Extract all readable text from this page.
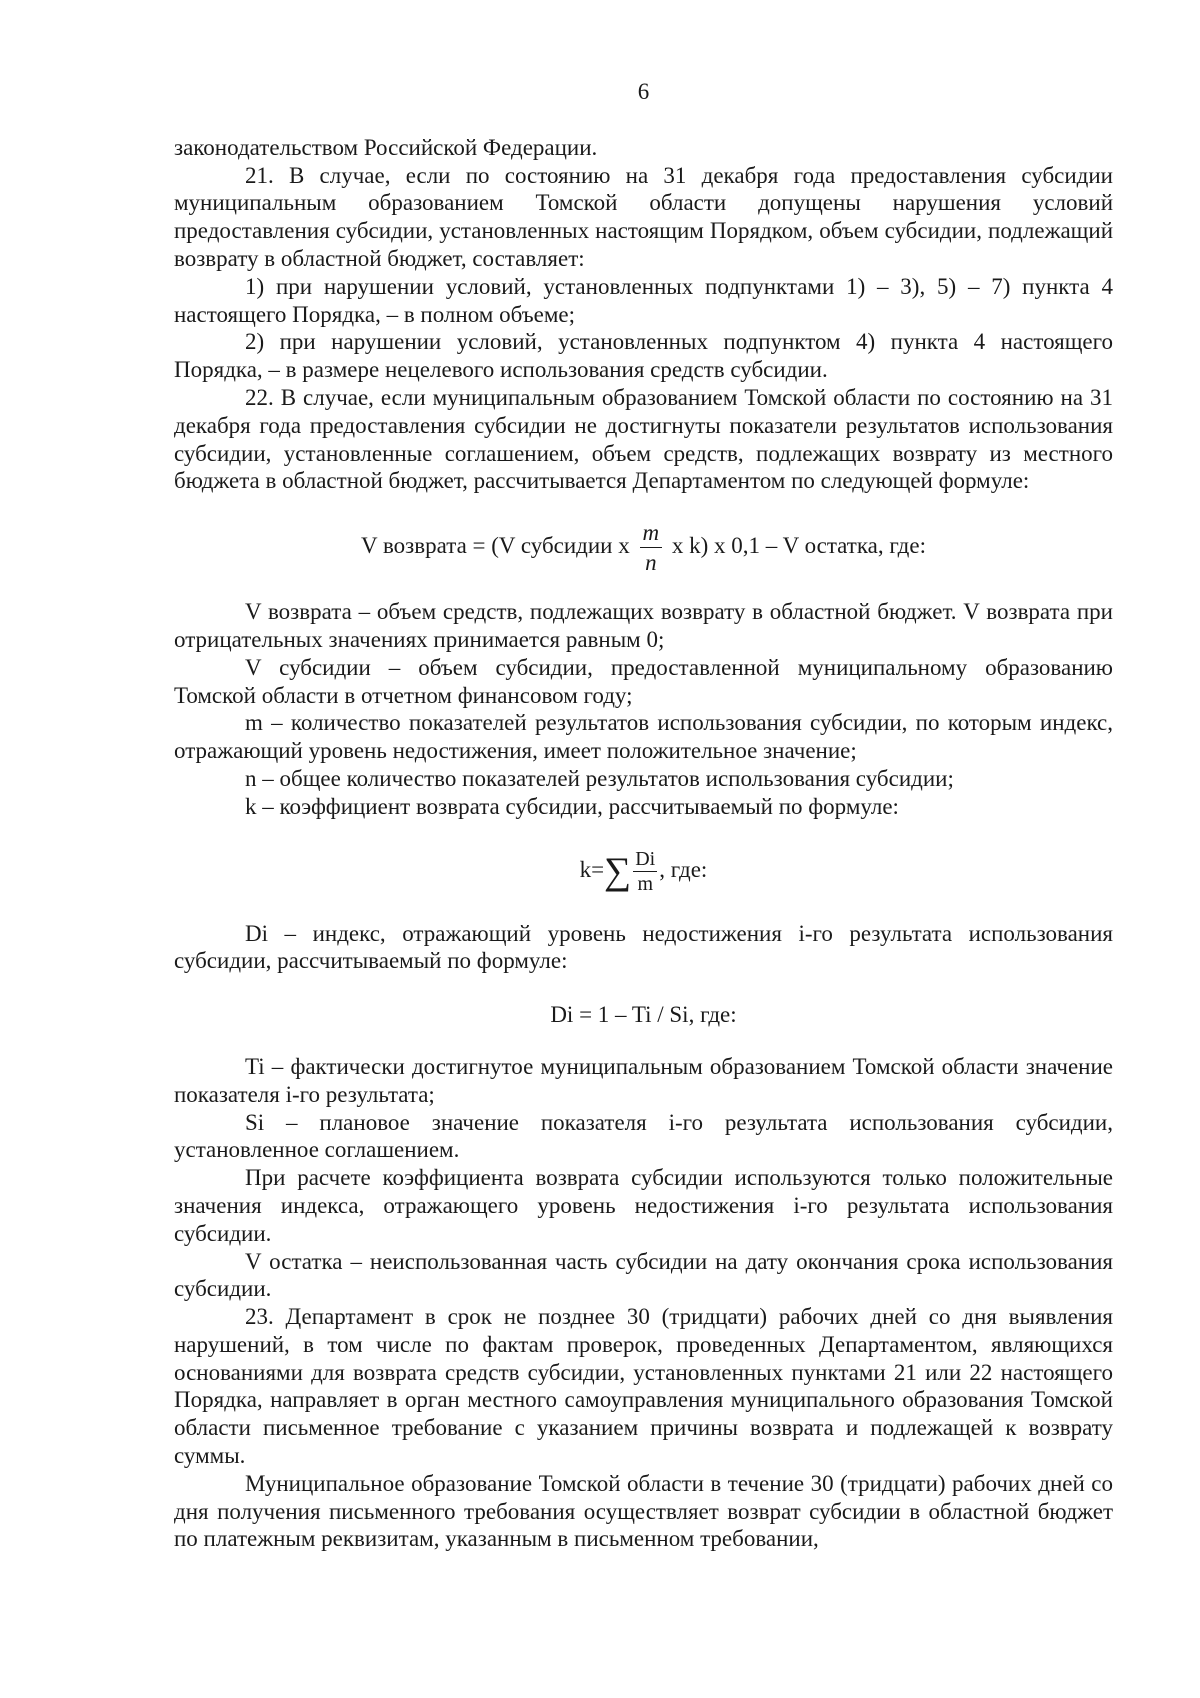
6

законодательством Российской Федерации.

21. В случае, если по состоянию на 31 декабря года предоставления субсидии муниципальным образованием Томской области допущены нарушения условий предоставления субсидии, установленных настоящим Порядком, объем субсидии, подлежащий возврату в областной бюджет, составляет:

1) при нарушении условий, установленных подпунктами 1) – 3), 5) – 7) пункта 4 настоящего Порядка, – в полном объеме;

2) при нарушении условий, установленных подпунктом 4) пункта 4 настоящего Порядка, – в размере нецелевого использования средств субсидии.

22. В случае, если муниципальным образованием Томской области по состоянию на 31 декабря года предоставления субсидии не достигнуты показатели результатов использования субсидии, установленные соглашением, объем средств, подлежащих возврату из местного бюджета в областной бюджет, рассчитывается Департаментом по следующей формуле:

V возврата = (V субсидии x $\frac{m}{n}$ x k) x 0,1 – V остатка, где:

V возврата – объем средств, подлежащих возврату в областной бюджет. V возврата при отрицательных значениях принимается равным 0;

V субсидии – объем субсидии, предоставленной муниципальному образованию Томской области в отчетном финансовом году;

m – количество показателей результатов использования субсидии, по которым индекс, отражающий уровень недостижения, имеет положительное значение;

n – общее количество показателей результатов использования субсидии;

k – коэффициент возврата субсидии, рассчитываемый по формуле:

$k=\sum \frac{Di}{m}$ , где:

Di – индекс, отражающий уровень недостижения i-го результата использования субсидии, рассчитываемый по формуле:

Di = 1 – Ti / Si, где:

Ti – фактически достигнутое муниципальным образованием Томской области значение показателя i-го результата;

Si – плановое значение показателя i-го результата использования субсидии, установленное соглашением.

При расчете коэффициента возврата субсидии используются только положительные значения индекса, отражающего уровень недостижения i-го результата использования субсидии.

V остатка – неиспользованная часть субсидии на дату окончания срока использования субсидии.

23. Департамент в срок не позднее 30 (тридцати) рабочих дней со дня выявления нарушений, в том числе по фактам проверок, проведенных Департаментом, являющихся основаниями для возврата средств субсидии, установленных пунктами 21 или 22 настоящего Порядка, направляет в орган местного самоуправления муниципального образования Томской области письменное требование с указанием причины возврата и подлежащей к возврату суммы.

Муниципальное образование Томской области в течение 30 (тридцати) рабочих дней со дня получения письменного требования осуществляет возврат субсидии в областной бюджет по платежным реквизитам, указанным в письменном требовании,
